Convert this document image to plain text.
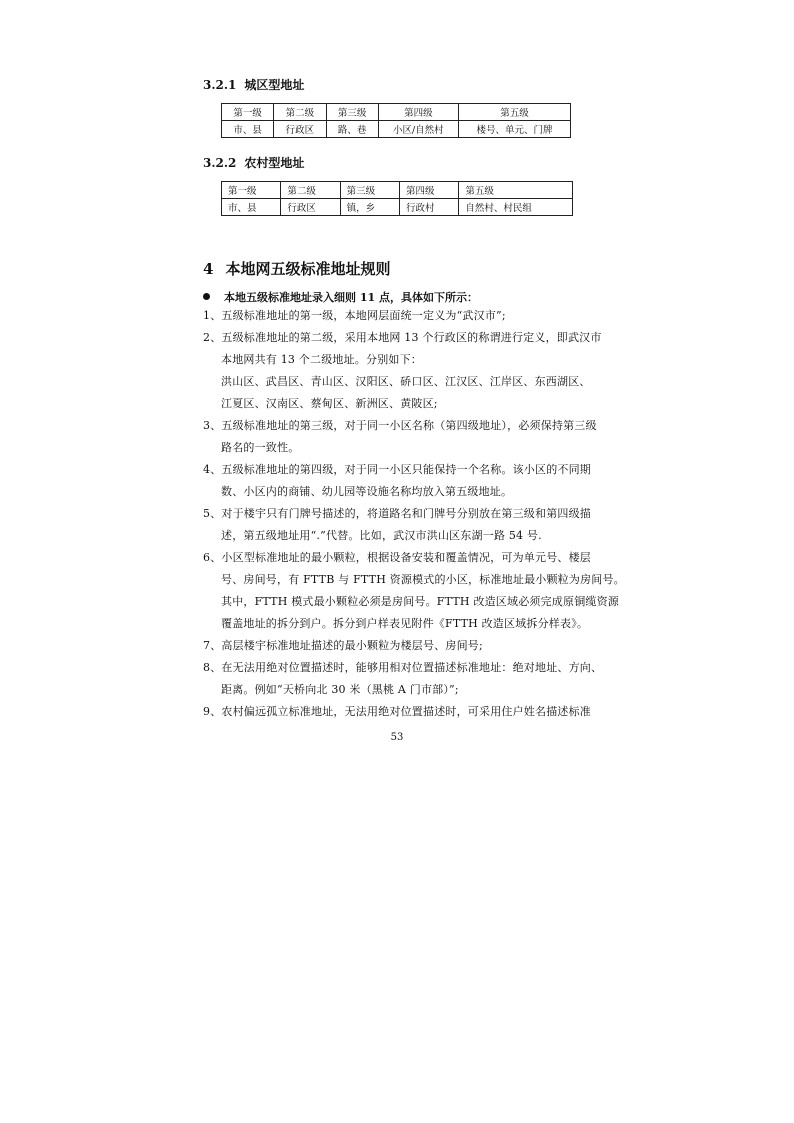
3.2.1 城区型地址
第一级	第二级	第三级	第四级	第五级
市、县	行政区	路、巷	小区/自然村	楼号、单元、门牌
3.2.2 农村型地址
第一级	第二级	第三级	第四级	第五级
市、县	行政区	镇，乡	行政村	自然村、村民组
4 本地网五级标准地址规则
本地五级标准地址录入细则 11 点，具体如下所示：
1、五级标准地址的第一级，本地网层面统一定义为“武汉市”;
2、五级标准地址的第二级，采用本地网 13 个行政区的称谓进行定义，即武汉市
本地网共有 13 个二级地址。分别如下：
洪山区、武昌区、青山区、汉阳区、硚口区、江汉区、江岸区、东西湖区、
江夏区、汉南区、蔡甸区、新洲区、黄陂区;
3、五级标准地址的第三级，对于同一小区名称（第四级地址），必须保持第三级
路名的一致性。
4、五级标准地址的第四级，对于同一小区只能保持一个名称。该小区的不同期
数、小区内的商铺、幼儿园等设施名称均放入第五级地址。
5、对于楼宇只有门牌号描述的，将道路名和门牌号分别放在第三级和第四级描
述，第五级地址用“.”代替。比如，武汉市洪山区东湖一路 54 号.
6、小区型标准地址的最小颗粒，根据设备安装和覆盖情况，可为单元号、楼层
号、房间号，有 FTTB 与 FTTH 资源模式的小区，标准地址最小颗粒为房间号。
其中，FTTH 模式最小颗粒必须是房间号。FTTH 改造区域必须完成原铜缆资源
覆盖地址的拆分到户。拆分到户样表见附件《FTTH 改造区域拆分样表》。
7、高层楼宇标准地址描述的最小颗粒为楼层号、房间号;
8、在无法用绝对位置描述时，能够用相对位置描述标准地址：绝对地址、方向、
距离。例如“天桥向北 30 米（黑桃 A 门市部）”;
9、农村偏远孤立标准地址，无法用绝对位置描述时，可采用住户姓名描述标准
53
